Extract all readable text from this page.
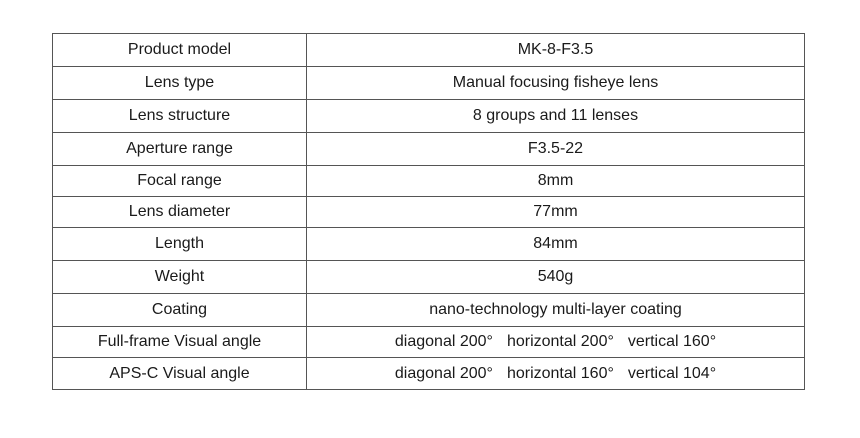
Product model	MK-8-F3.5
Lens type	Manual focusing fisheye lens
Lens structure	8 groups and 11 lenses
Aperture range	F3.5-22
Focal range	8mm
Lens diameter	77mm
Length	84mm
Weight	540g
Coating	nano-technology multi-layer coating
Full-frame Visual angle	diagonal 200° horizontal 200° vertical 160°
APS-C Visual angle	diagonal 200° horizontal 160° vertical 104°
